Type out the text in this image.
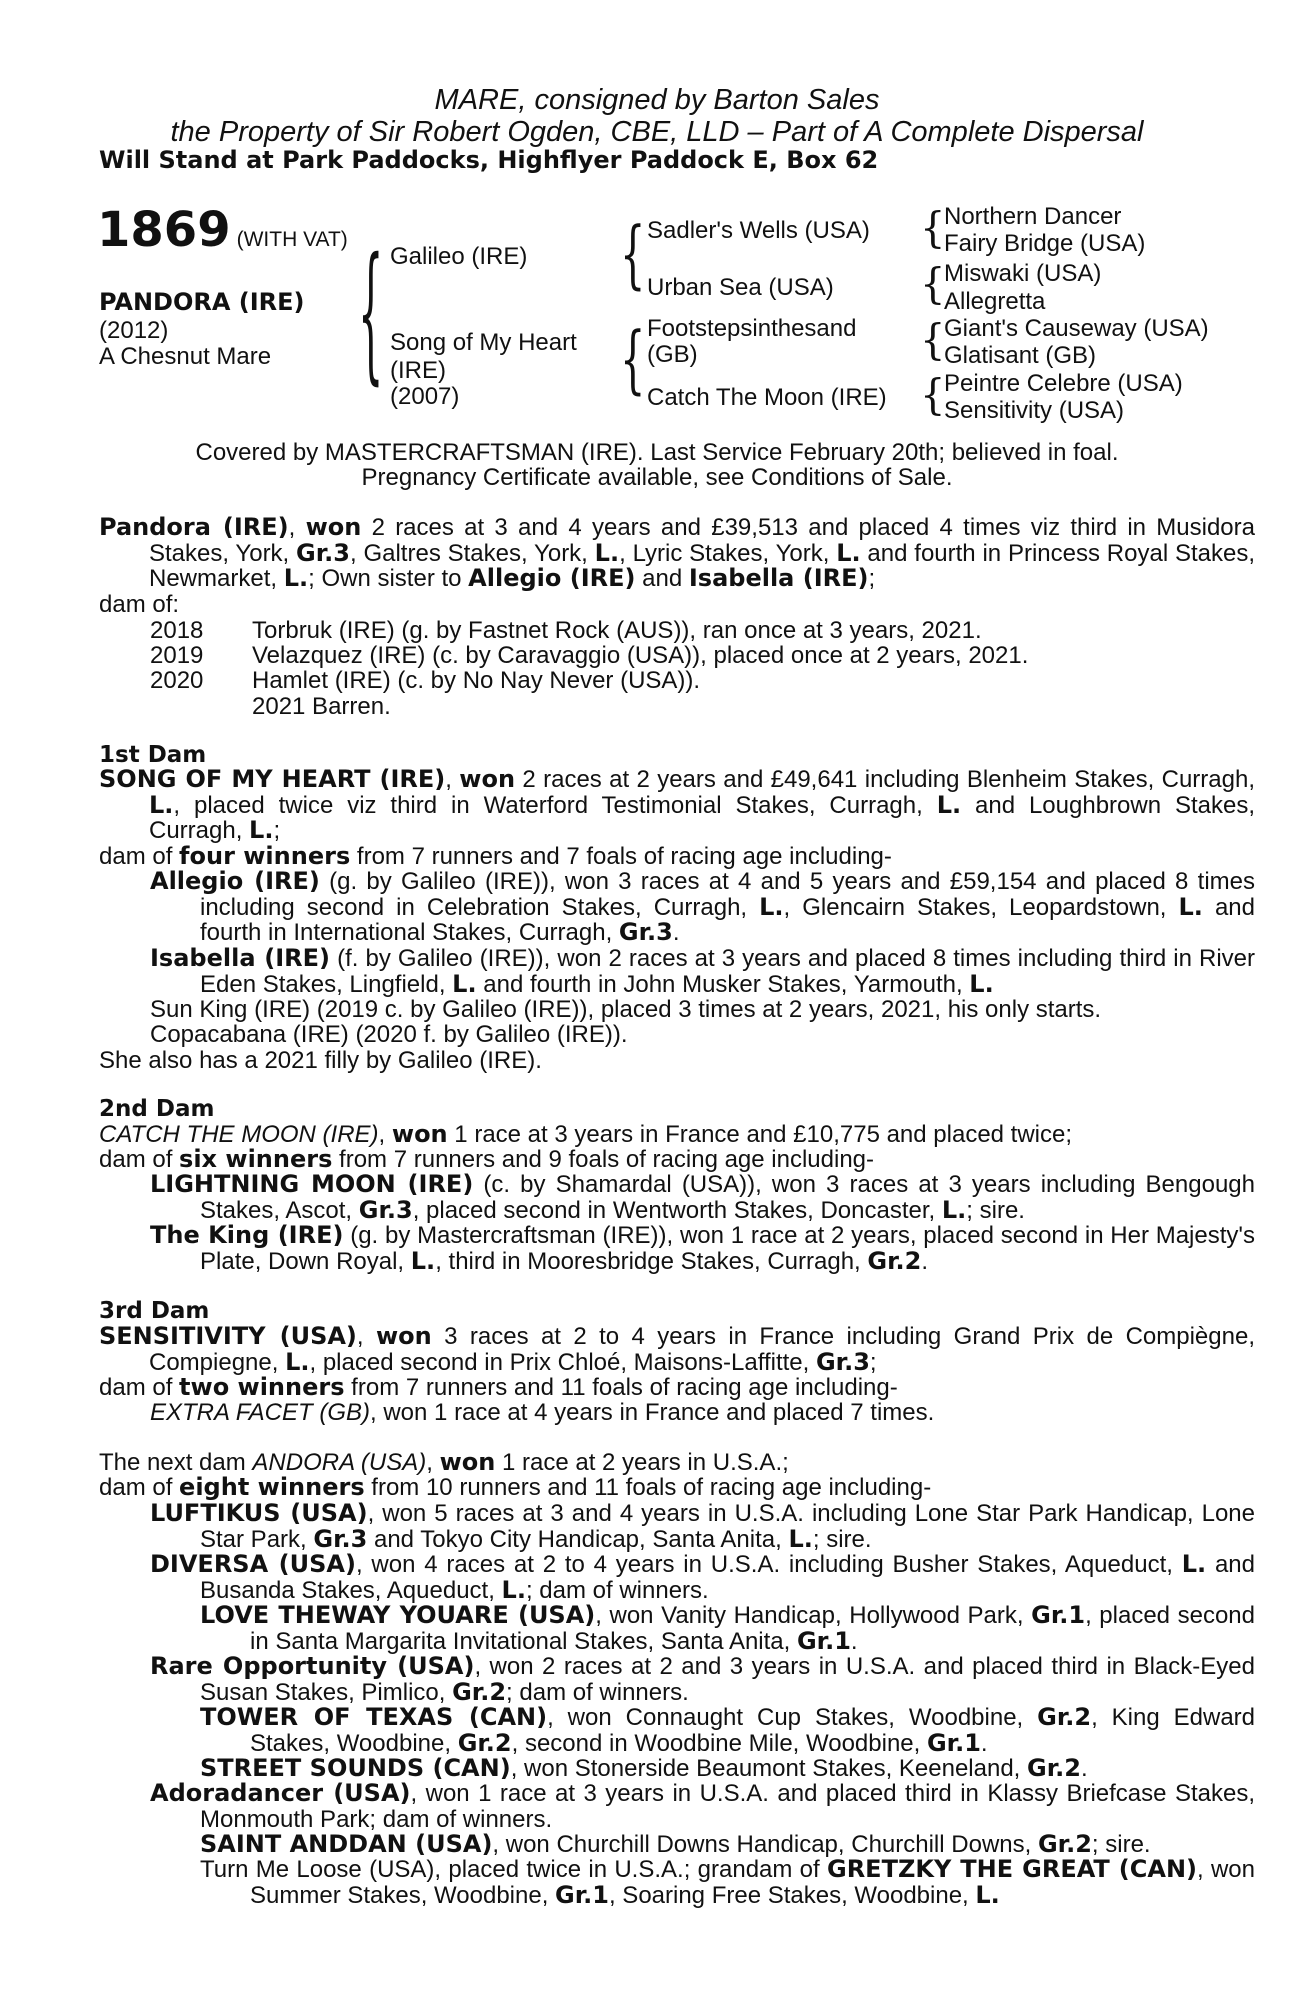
MARE, consigned by Barton Sales
the Property of Sir Robert Ogden, CBE, LLD – Part of A Complete Dispersal
Will Stand at Park Paddocks, Highflyer Paddock E, Box 62
1869 (WITH VAT)
PANDORA (IRE)
(2012)
A Chesnut Mare {	{
{
{
{
{
{
Galileo (IRE)
Song of My Heart
(IRE)
(2007)
Sadler's Wells (USA)
Urban Sea (USA)
Footstepsinthesand
(GB)
Catch The Moon (IRE)
Northern Dancer
Fairy Bridge (USA)
Miswaki (USA)
Allegretta
Giant's Causeway (USA)
Glatisant (GB)
Peintre Celebre (USA)
Sensitivity (USA)
Covered by MASTERCRAFTSMAN (IRE). Last Service February 20th; believed in foal.
Pregnancy Certificate available, see Conditions of Sale.
Pandora (IRE), won 2 races at 3 and 4 years and £39,513 and placed 4 times viz third in Musidora Stakes, York, Gr.3, Galtres Stakes, York, L., Lyric Stakes, York, L. and fourth in Princess Royal Stakes, Newmarket, L.; Own sister to Allegio (IRE) and Isabella (IRE);
dam of:
2018 Torbruk (IRE) (g. by Fastnet Rock (AUS)), ran once at 3 years, 2021.
2019 Velazquez (IRE) (c. by Caravaggio (USA)), placed once at 2 years, 2021.
2020 Hamlet (IRE) (c. by No Nay Never (USA)).
2021 Barren.
1st Dam
SONG OF MY HEART (IRE), won 2 races at 2 years and £49,641 including Blenheim Stakes, Curragh, L., placed twice viz third in Waterford Testimonial Stakes, Curragh, L. and Loughbrown Stakes, Curragh, L.;
dam of four winners from 7 runners and 7 foals of racing age including-
Allegio (IRE) (g. by Galileo (IRE)), won 3 races at 4 and 5 years and £59,154 and placed 8 times including second in Celebration Stakes, Curragh, L., Glencairn Stakes, Leopardstown, L. and fourth in International Stakes, Curragh, Gr.3.
Isabella (IRE) (f. by Galileo (IRE)), won 2 races at 3 years and placed 8 times including third in River Eden Stakes, Lingfield, L. and fourth in John Musker Stakes, Yarmouth, L.
Sun King (IRE) (2019 c. by Galileo (IRE)), placed 3 times at 2 years, 2021, his only starts.
Copacabana (IRE) (2020 f. by Galileo (IRE)).
She also has a 2021 filly by Galileo (IRE).
2nd Dam
CATCH THE MOON (IRE), won 1 race at 3 years in France and £10,775 and placed twice;
dam of six winners from 7 runners and 9 foals of racing age including-
LIGHTNING MOON (IRE) (c. by Shamardal (USA)), won 3 races at 3 years including Bengough Stakes, Ascot, Gr.3, placed second in Wentworth Stakes, Doncaster, L.; sire.
The King (IRE) (g. by Mastercraftsman (IRE)), won 1 race at 2 years, placed second in Her Majesty's Plate, Down Royal, L., third in Mooresbridge Stakes, Curragh, Gr.2.
3rd Dam
SENSITIVITY (USA), won 3 races at 2 to 4 years in France including Grand Prix de Compiègne, Compiegne, L., placed second in Prix Chloé, Maisons-Laffitte, Gr.3;
dam of two winners from 7 runners and 11 foals of racing age including-
EXTRA FACET (GB), won 1 race at 4 years in France and placed 7 times.
The next dam ANDORA (USA), won 1 race at 2 years in U.S.A.;
dam of eight winners from 10 runners and 11 foals of racing age including-
LUFTIKUS (USA), won 5 races at 3 and 4 years in U.S.A. including Lone Star Park Handicap, Lone Star Park, Gr.3 and Tokyo City Handicap, Santa Anita, L.; sire.
DIVERSA (USA), won 4 races at 2 to 4 years in U.S.A. including Busher Stakes, Aqueduct, L. and Busanda Stakes, Aqueduct, L.; dam of winners.
LOVE THEWAY YOUARE (USA), won Vanity Handicap, Hollywood Park, Gr.1, placed second in Santa Margarita Invitational Stakes, Santa Anita, Gr.1.
Rare Opportunity (USA), won 2 races at 2 and 3 years in U.S.A. and placed third in Black-Eyed Susan Stakes, Pimlico, Gr.2; dam of winners.
TOWER OF TEXAS (CAN), won Connaught Cup Stakes, Woodbine, Gr.2, King Edward Stakes, Woodbine, Gr.2, second in Woodbine Mile, Woodbine, Gr.1.
STREET SOUNDS (CAN), won Stonerside Beaumont Stakes, Keeneland, Gr.2.
Adoradancer (USA), won 1 race at 3 years in U.S.A. and placed third in Klassy Briefcase Stakes, Monmouth Park; dam of winners.
SAINT ANDDAN (USA), won Churchill Downs Handicap, Churchill Downs, Gr.2; sire.
Turn Me Loose (USA), placed twice in U.S.A.; grandam of GRETZKY THE GREAT (CAN), won Summer Stakes, Woodbine, Gr.1, Soaring Free Stakes, Woodbine, L.
